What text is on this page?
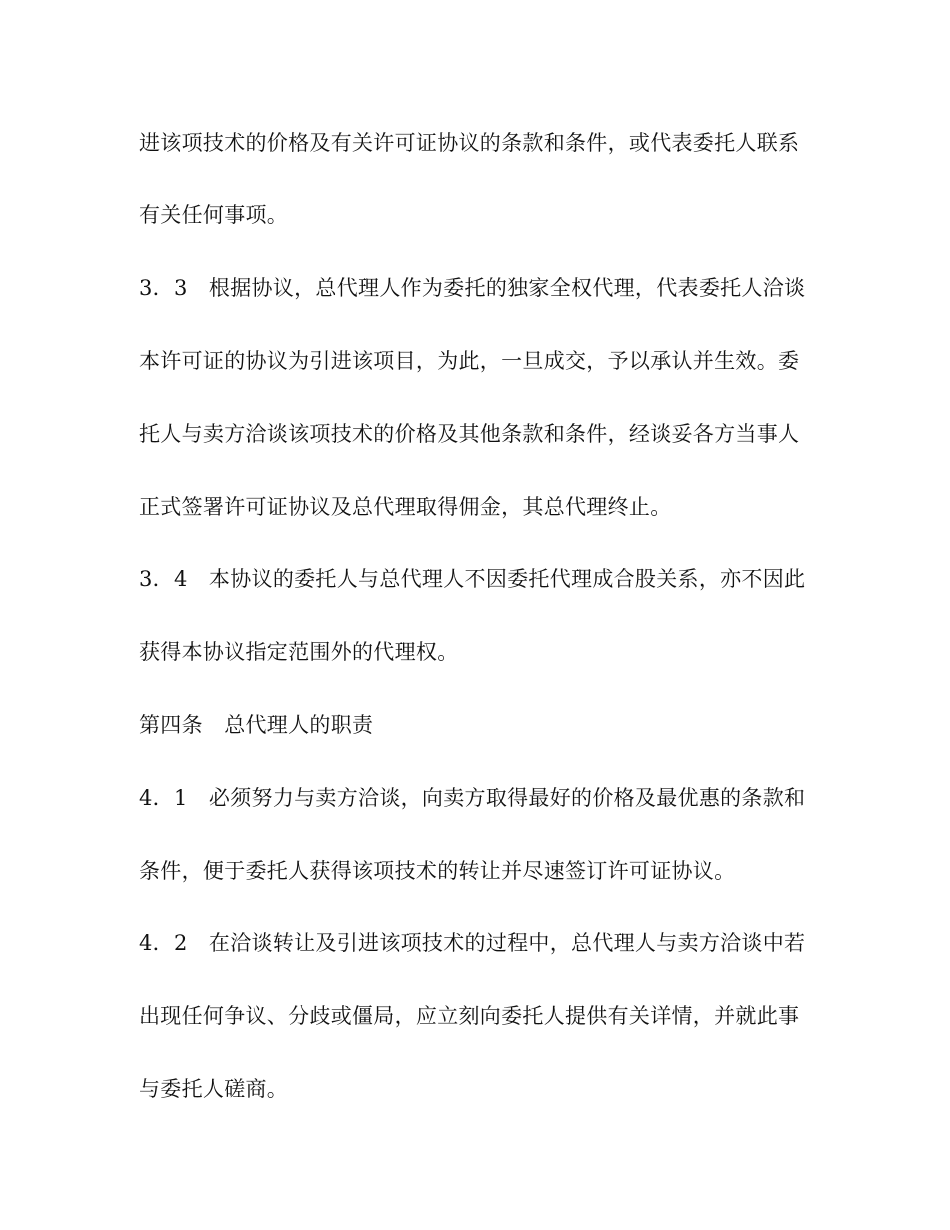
进该项技术的价格及有关许可证协议的条款和条件，或代表委托人联系
有关任何事项。
3．3　根据协议，总代理人作为委托的独家全权代理，代表委托人洽谈
本许可证的协议为引进该项目，为此，一旦成交，予以承认并生效。委
托人与卖方洽谈该项技术的价格及其他条款和条件，经谈妥各方当事人
正式签署许可证协议及总代理取得佣金，其总代理终止。
3．4　本协议的委托人与总代理人不因委托代理成合股关系，亦不因此
获得本协议指定范围外的代理权。
第四条　总代理人的职责
4．1　必须努力与卖方洽谈，向卖方取得最好的价格及最优惠的条款和
条件，便于委托人获得该项技术的转让并尽速签订许可证协议。
4．2　在洽谈转让及引进该项技术的过程中，总代理人与卖方洽谈中若
出现任何争议、分歧或僵局，应立刻向委托人提供有关详情，并就此事
与委托人磋商。
